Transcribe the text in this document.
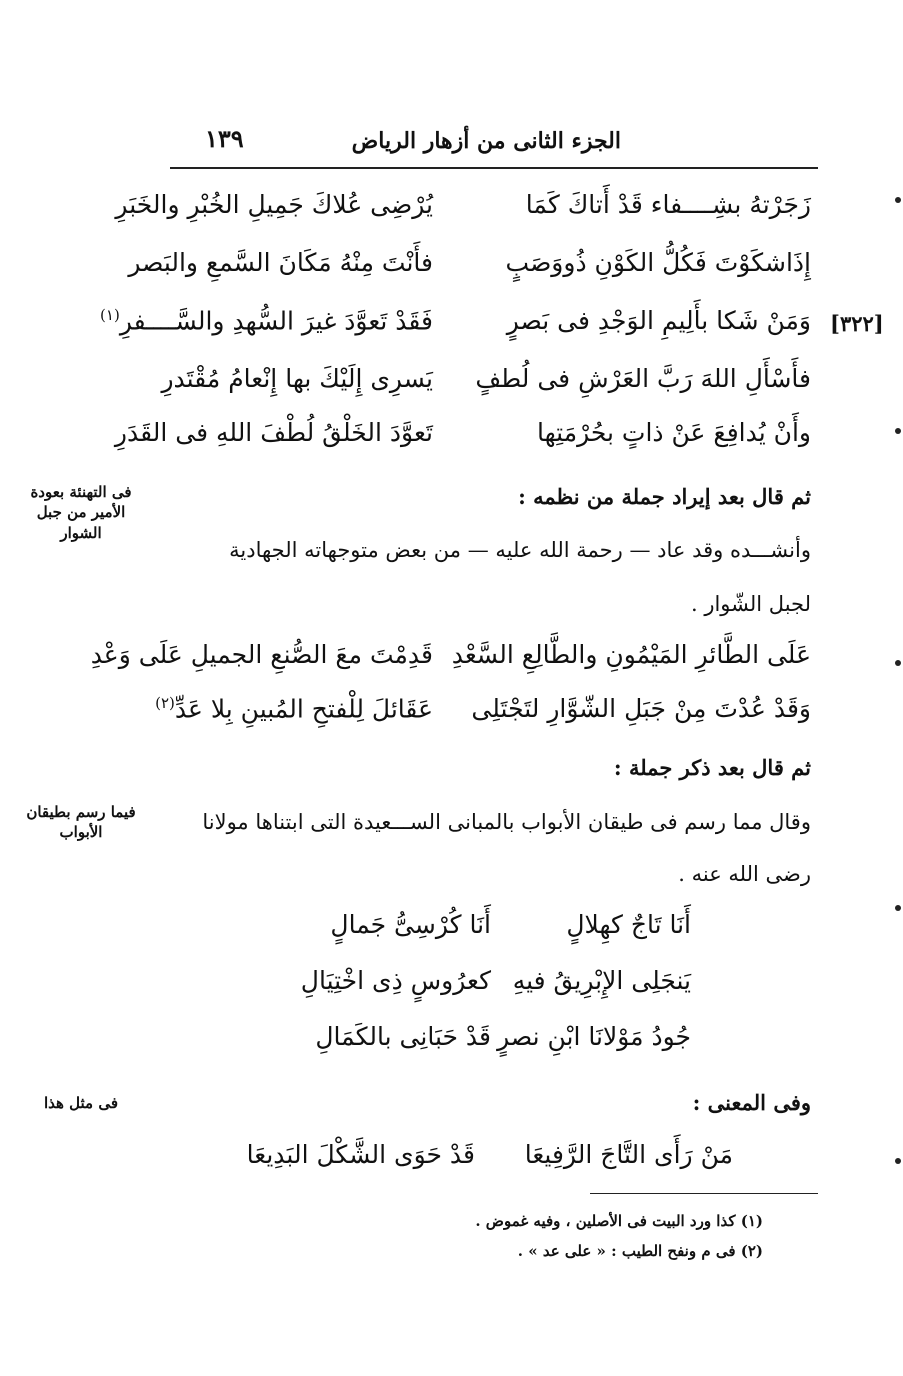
الجزء الثانى من أزهار الرياض
١٣٩
[٣٢٢]
زَجَرْتهُ بشِــــفاء قَدْ أَتاكَ كَمَا
يُرْضِى عُلاكَ جَمِيلِ الخُبْرِ والخَبَرِ
إِذَاشكَوْتَ فَكُلُّ الكَوْنِ ذُووَصَبٍ
فأَنْتَ مِنْهُ مَكَانَ السَّمعِ والبَصر
وَمَنْ شَكا بأَلِيمِ الوَجْدِ فى بَصرٍ
فَقَدْ تَعوَّدَ غيرَ السُّهدِ والسَّــــفرِ$^{(١)}$
فأَسْأَلِ اللهَ رَبَّ العَرْشِ فى لُطفٍ
يَسرِى إِلَيْكَ بها إِنْعامُ مُقْتَدرِ
وأَنْ يُدافِعَ عَنْ ذاتٍ بحُرْمَتِها
تَعوَّدَ الخَلْقُ لُطْفَ اللهِ فى القَدَرِ
ثم قال بعد إيراد جملة من نظمه :
فى التهنئة بعودة الأمير من جبل الشوار
وأنشـــده وقد عاد — رحمة الله عليه — من بعض متوجهاته الجهادية
لجبل الشّوار .
عَلَى الطَّائرِ المَيْمُونِ والطَّالِعِ السَّعْدِ
قَدِمْتَ معَ الصُّنعِ الجميلِ عَلَى وَعْدِ
وَقَدْ عُدْتَ مِنْ جَبَلِ الشّوَّارِ لتَجْتَلِى
عَقَائلَ لِلْفتحِ المُبينِ بِلا عَدِّ$^{(٢)}$
ثم قال بعد ذكر جملة :
فيما رسم بطيقان الأبواب	وقال مما رسم فى طيقان الأبواب بالمبانى الســـعيدة التى ابتناها مولانا
رضى الله عنه .
أَنَا تَاجٌ كهِلالٍ
أَنَا كُرْسِىُّ جَمالٍ
يَنجَلِى الإِبْرِيقُ فيهِ
كعرُوسٍ ذِى اخْتِيَالِ
جُودُ مَوْلانَا ابْنِ نصرٍ
قَدْ حَبَانِى بالكَمَالِ
وفى المعنى :
فى مثل هذا
مَنْ رَأَى التَّاجَ الرَّفِيعَا
قَدْ حَوَى الشَّكْلَ البَدِيعَا
(١) كذا ورد البيت فى الأصلين ، وفيه غموض .
(٢) فى م ونفح الطيب : « على عد » .
